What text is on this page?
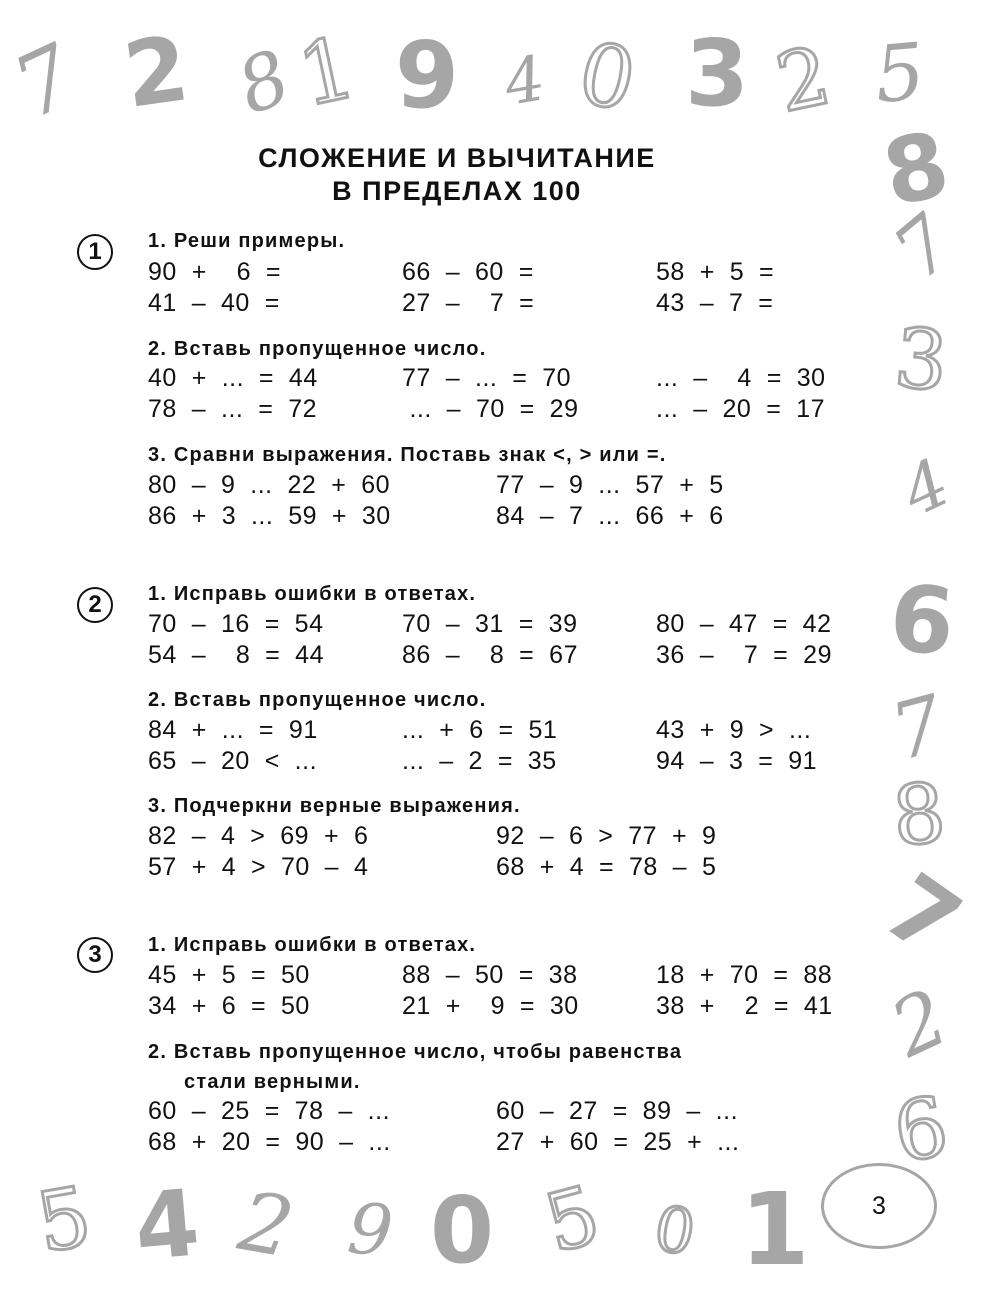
7 2 8
1 9 4 0 3 2 5
8
7
3
4
6
7
8
7
2
6
5 4 2 9 0 5 0 1
СЛОЖЕНИЕ И ВЫЧИТАНИЕ
В ПРЕДЕЛАХ 100
1	1. Реши примеры.
90  +    6  =	66  –  60  =	58  +  5  =
41  –  40  =	27  –    7  =	43  –  7  =
2. Вставь пропущенное число.
40  +  ...  =  44	77  –  ...  =  70	...  –    4  =  30
78  –  ...  =  72	...  –  70  =  29	...  –  20  =  17
3. Сравни выражения. Поставь знак <, > или =.
80  –  9  ...  22  +  60	77  –  9  ...  57  +  5
86  +  3  ...  59  +  30	84  –  7  ...  66  +  6
2	1. Исправь ошибки в ответах.
70  –  16  =  54	70  –  31  =  39	80  –  47  =  42
54  –    8  =  44	86  –    8  =  67	36  –    7  =  29
2. Вставь пропущенное число.
84  +  ...  =  91	...  +  6  =  51	43  +  9  >  ...
65  –  20  <  ...	...  –  2  =  35	94  –  3  =  91
3. Подчеркни верные выражения.
82  –  4  >  69  +  6	92  –  6  >  77  +  9
57  +  4  >  70  –  4	68  +  4  =  78  –  5
3	1. Исправь ошибки в ответах.
45  +  5  =  50	88  –  50  =  38	18  +  70  =  88
34  +  6  =  50	21  +    9  =  30	38  +    2  =  41
2. Вставь пропущенное число, чтобы равенства
стали верными.
60  –  25  =  78  –  ...	60  –  27  =  89  –  ...
68  +  20  =  90  –  ...	27  +  60  =  25  +  ...
3
